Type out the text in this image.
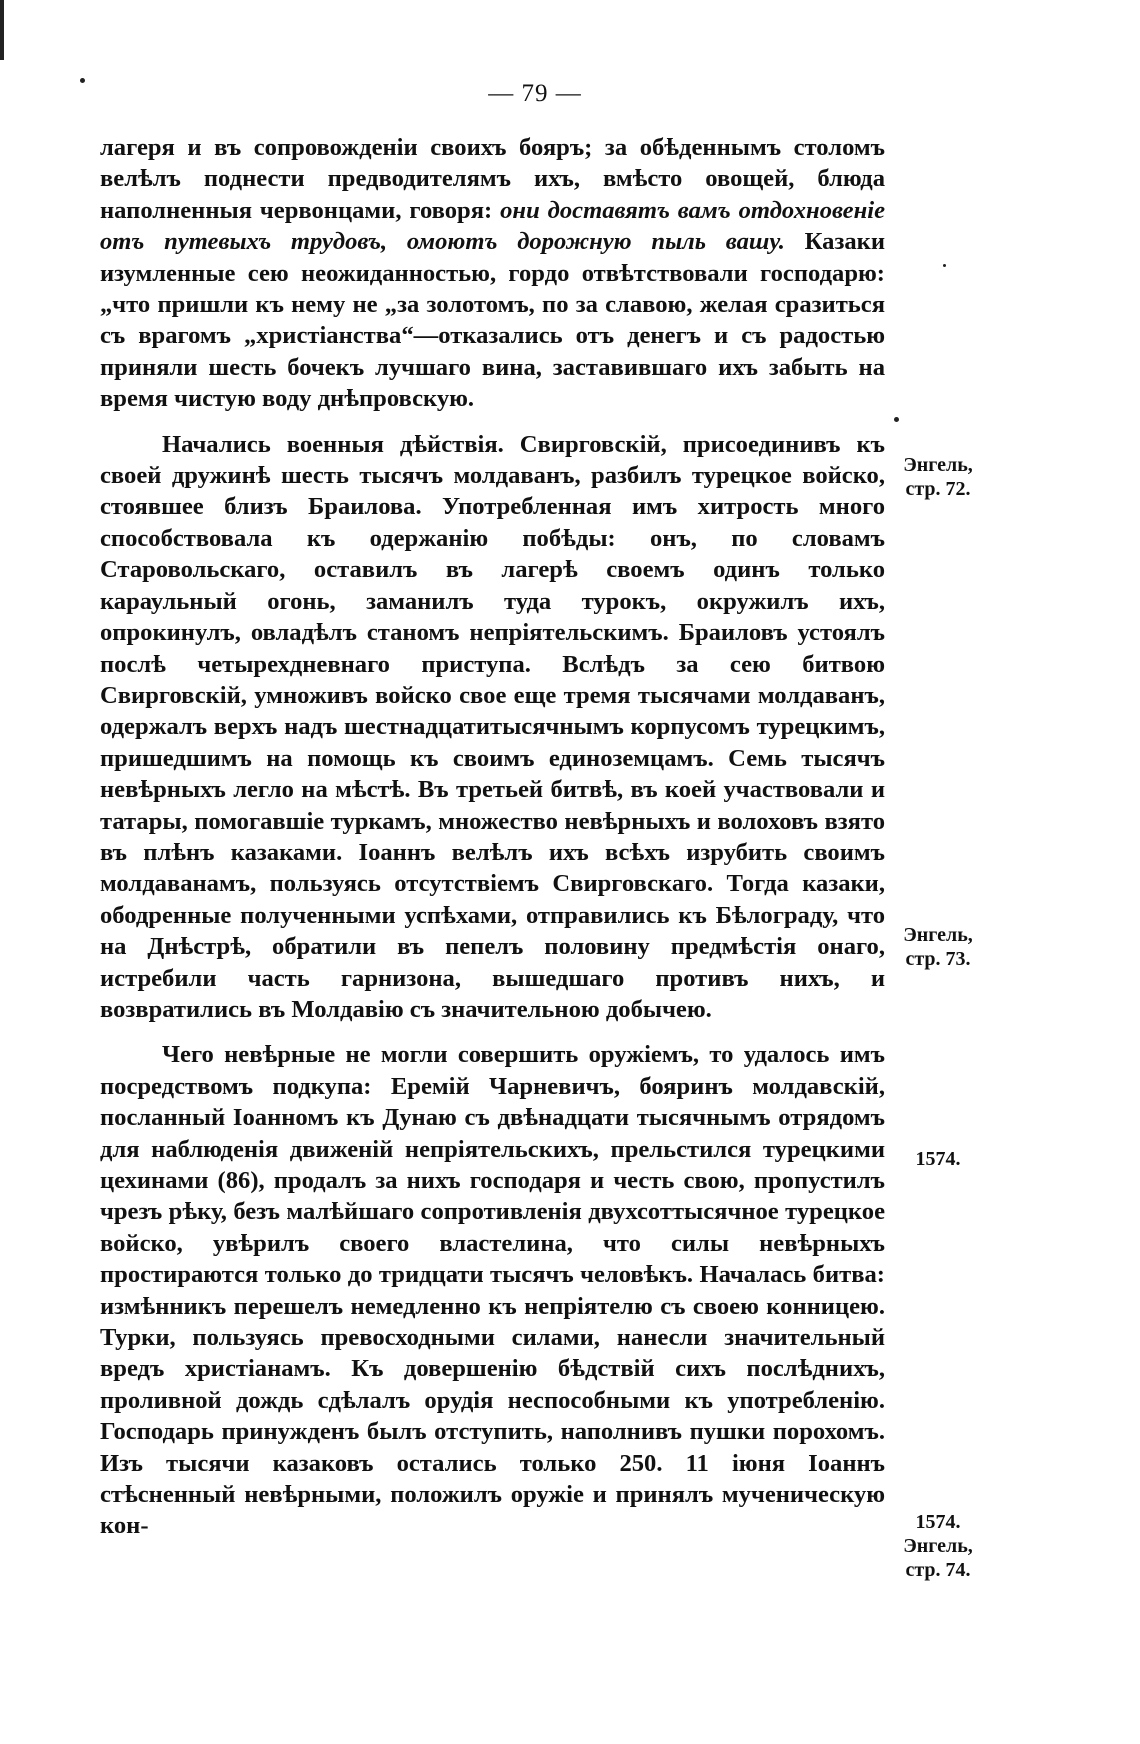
— 79 —

лагеря и въ сопровожденіи своихъ бояръ; за обѣденнымъ столомъ велѣлъ поднести предводителямъ ихъ, вмѣсто овощей, блюда наполненныя червонцами, говоря: они доставятъ вамъ отдохновеніе отъ путевыхъ трудовъ, омоютъ дорожную пыль вашу. Казаки изумленные сею неожиданностью, гордо отвѣтствовали господарю: „что пришли къ нему не „за золотомъ, по за славою, желая сразиться съ врагомъ „христіанства“—отказались отъ денегъ и съ радостью приняли шесть бочекъ лучшаго вина, заставившаго ихъ забыть на время чистую воду днѣпровскую.

Начались военныя дѣйствія. Свирговскій, присоединивъ къ своей дружинѣ шесть тысячъ молдаванъ, разбилъ турецкое войско, стоявшее близъ Браилова. Употребленная имъ хитрость много способствовала къ одержанію побѣды: онъ, по словамъ Старовольскаго, оставилъ въ лагерѣ своемъ одинъ только караульный огонь, заманилъ туда турокъ, окружилъ ихъ, опрокинулъ, овладѣлъ станомъ непріятельскимъ. Браиловъ устоялъ послѣ четырехдневнаго приступа. Вслѣдъ за сею битвою Свирговскій, умноживъ войско свое еще тремя тысячами молдаванъ, одержалъ верхъ надъ шестнадцатитысячнымъ корпусомъ турецкимъ, пришедшимъ на помощь къ своимъ единоземцамъ. Семь тысячъ невѣрныхъ легло на мѣстѣ. Въ третьей битвѣ, въ коей участвовали и татары, помогавшіе туркамъ, множество невѣрныхъ и волоховъ взято въ плѣнъ казаками. Іоаннъ велѣлъ ихъ всѣхъ изрубить своимъ молдаванамъ, пользуясь отсутствіемъ Свирговскаго. Тогда казаки, ободренные полученными успѣхами, отправились къ Бѣлограду, что на Днѣстрѣ, обратили въ пепелъ половину предмѣстія онаго, истребили часть гарнизона, вышедшаго противъ нихъ, и возвратились въ Молдавію съ значительною добычею.

Чего невѣрные не могли совершить оружіемъ, то удалось имъ посредствомъ подкупа: Еремій Чарневичъ, бояринъ молдавскій, посланный Іоанномъ къ Дунаю съ двѣнадцати тысячнымъ отрядомъ для наблюденія движеній непріятельскихъ, прельстился турецкими цехинами (86), продалъ за нихъ господаря и честь свою, пропустилъ чрезъ рѣку, безъ малѣйшаго сопротивленія двухсоттысячное турецкое войско, увѣрилъ своего властелина, что силы невѣрныхъ простираются только до тридцати тысячъ человѣкъ. Началась битва: измѣнникъ перешелъ немедленно къ непріятелю съ своею конницею. Турки, пользуясь превосходными силами, нанесли значительный вредъ христіанамъ. Къ довершенію бѣдствій сихъ послѣднихъ, проливной дождь сдѣлалъ орудія неспособными къ употребленію. Господарь принужденъ былъ отступить, наполнивъ пушки порохомъ. Изъ тысячи казаковъ остались только 250. 11 іюня Іоаннъ стѣсненный невѣрными, положилъ оружіе и принялъ мученическую кон-

Энгель,
стр. 72.
Энгель,
стр. 73.
1574.
1574.
Энгель,
стр. 74.
